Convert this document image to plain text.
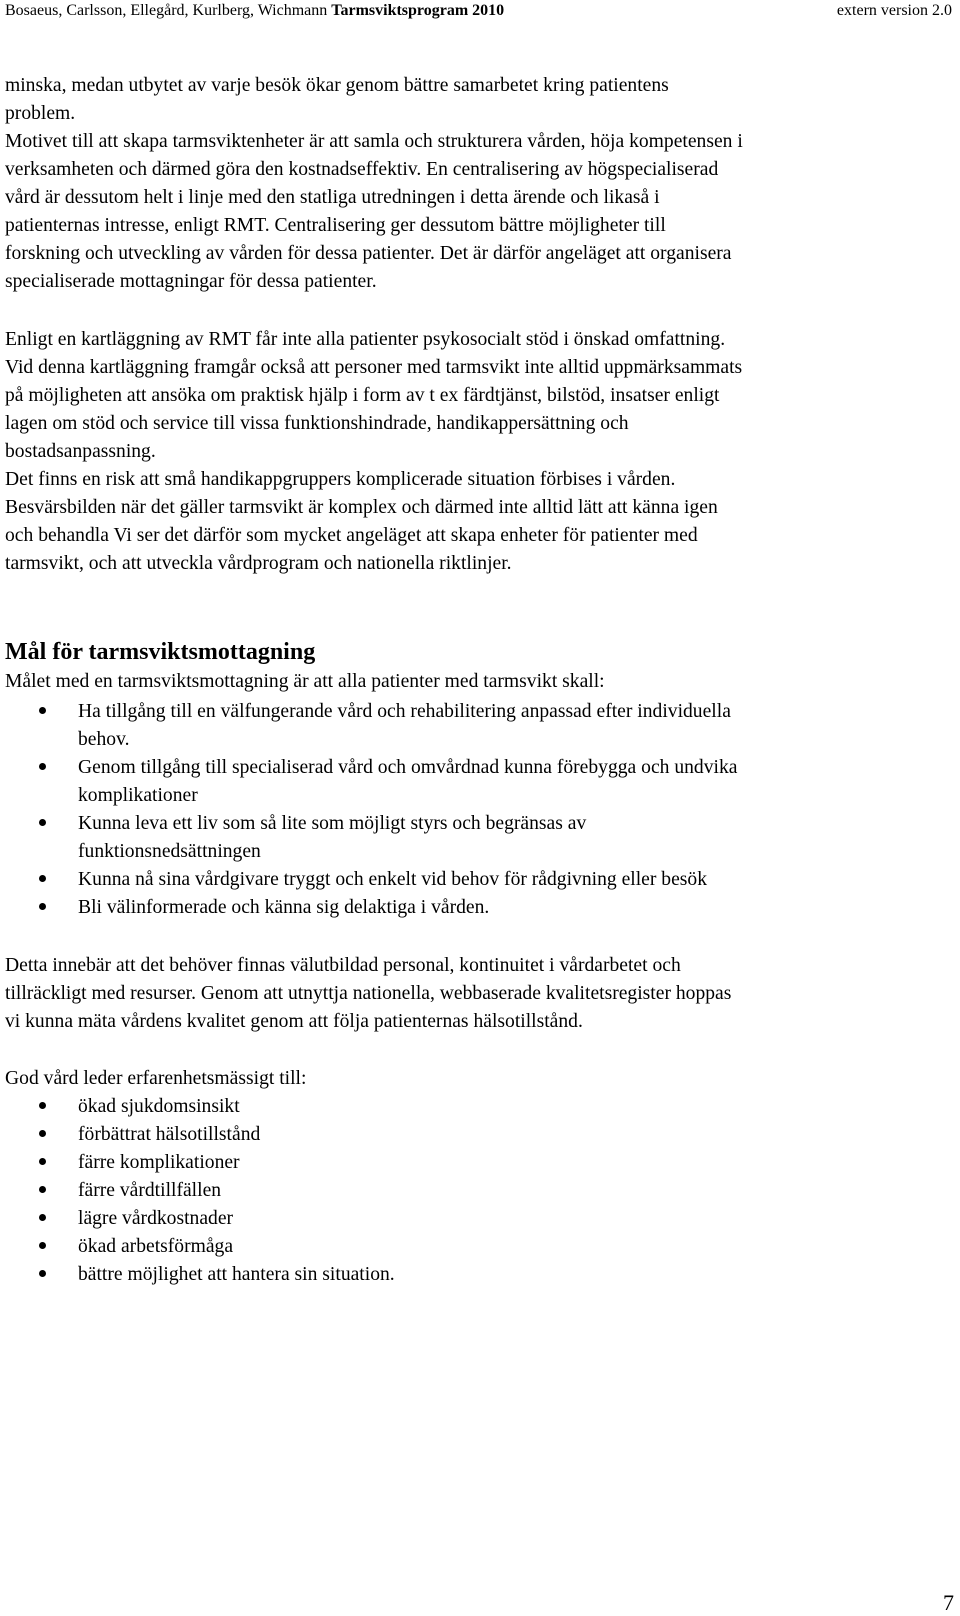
Bosaeus, Carlsson, Ellegård, Kurlberg, Wichmann Tarmsviktsprogram 2010	extern version 2.0
minska, medan utbytet av varje besök ökar genom bättre samarbetet kring patientens
problem.
Motivet till att skapa tarmsviktenheter är att samla och strukturera vården, höja kompetensen i
verksamheten och därmed göra den kostnadseffektiv. En centralisering av högspecialiserad
vård är dessutom helt i linje med den statliga utredningen i detta ärende och likaså i
patienternas intresse, enligt RMT. Centralisering ger dessutom bättre möjligheter till
forskning och utveckling av vården för dessa patienter. Det är därför angeläget att organisera
specialiserade mottagningar för dessa patienter.
Enligt en kartläggning av RMT får inte alla patienter psykosocialt stöd i önskad omfattning.
Vid denna kartläggning framgår också att personer med tarmsvikt inte alltid uppmärksammats
på möjligheten att ansöka om praktisk hjälp i form av t ex färdtjänst, bilstöd, insatser enligt
lagen om stöd och service till vissa funktionshindrade, handikappersättning och
bostadsanpassning.
Det finns en risk att små handikappgruppers komplicerade situation förbises i vården.
Besvärsbilden när det gäller tarmsvikt är komplex och därmed inte alltid lätt att känna igen
och behandla Vi ser det därför som mycket angeläget att skapa enheter för patienter med
tarmsvikt, och att utveckla vårdprogram och nationella riktlinjer.
Mål för tarmsviktsmottagning
Målet med en tarmsviktsmottagning är att alla patienter med tarmsvikt skall:
Ha tillgång till en välfungerande vård och rehabilitering anpassad efter individuella
behov.
Genom tillgång till specialiserad vård och omvårdnad kunna förebygga och undvika
komplikationer
Kunna leva ett liv som så lite som möjligt styrs och begränsas av
funktionsnedsättningen
Kunna nå sina vårdgivare tryggt och enkelt vid behov för rådgivning eller besök
Bli välinformerade och känna sig delaktiga i vården.
Detta innebär att det behöver finnas välutbildad personal, kontinuitet i vårdarbetet och
tillräckligt med resurser. Genom att utnyttja nationella, webbaserade kvalitetsregister hoppas
vi kunna mäta vårdens kvalitet genom att följa patienternas hälsotillstånd.
God vård leder erfarenhetsmässigt till:
ökad sjukdomsinsikt
förbättrat hälsotillstånd
färre komplikationer
färre vårdtillfällen
lägre vårdkostnader
ökad arbetsförmåga
bättre möjlighet att hantera sin situation.
7
